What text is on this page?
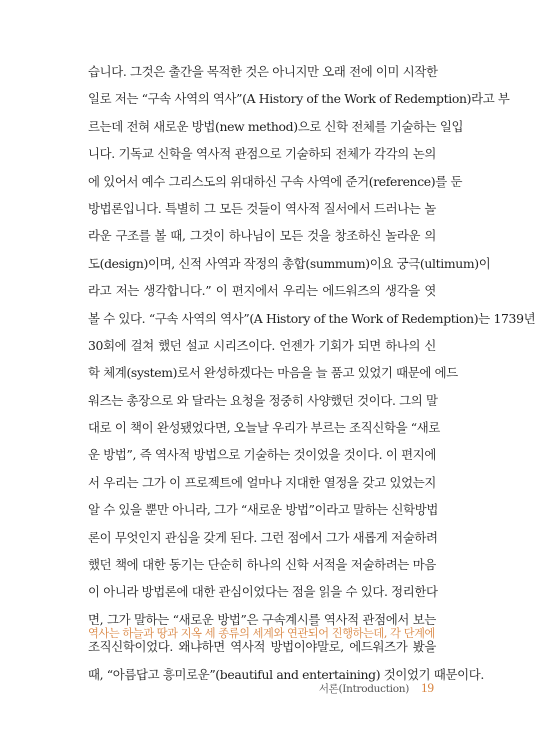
습니다. 그것은 출간을 목적한 것은 아니지만 오래 전에 이미 시작한
일로 저는 “구속 사역의 역사”(A History of the Work of Redemption)라고 부
르는데 전혀 새로운 방법(new method)으로 신학 전체를 기술하는 일입
니다. 기독교 신학을 역사적 관점으로 기술하되 전체가 각각의 논의
에 있어서 예수 그리스도의 위대하신 구속 사역에 준거(reference)를 둔
방법론입니다. 특별히 그 모든 것들이 역사적 질서에서 드러나는 놀
라운 구조를 볼 때, 그것이 하나님이 모든 것을 창조하신 놀라운 의
도(design)이며, 신적 사역과 작정의 총합(summum)이요 궁극(ultimum)이
라고 저는 생각합니다.” 이 편지에서 우리는 에드워즈의 생각을 엿
볼 수 있다. “구속 사역의 역사”(A History of the Work of Redemption)는 1739년
30회에 걸쳐 했던 설교 시리즈이다. 언젠가 기회가 되면 하나의 신
학 체계(system)로서 완성하겠다는 마음을 늘 품고 있었기 때문에 에드
워즈는 총장으로 와 달라는 요청을 정중히 사양했던 것이다. 그의 말
대로 이 책이 완성됐었다면, 오늘날 우리가 부르는 조직신학을 “새로
운 방법”, 즉 역사적 방법으로 기술하는 것이었을 것이다. 이 편지에
서 우리는 그가 이 프로젝트에 얼마나 지대한 열정을 갖고 있었는지
알 수 있을 뿐만 아니라, 그가 “새로운 방법”이라고 말하는 신학방법
론이 무엇인지 관심을 갖게 된다. 그런 점에서 그가 새롭게 저술하려
했던 책에 대한 동기는 단순히 하나의 신학 서적을 저술하려는 마음
이 아니라 방법론에 대한 관심이었다는 점을 읽을 수 있다. 정리한다
면, 그가 말하는 “새로운 방법”은 구속계시를 역사적 관점에서 보는
조직신학이었다. 왜냐하면 역사적 방법이야말로, 에드워즈가 봤을
때, “아름답고 흥미로운”(beautiful and entertaining) 것이었기 때문이다.
역사는 하늘과 땅과 지옥 세 종류의 세계와 연관되어 진행하는데, 각 단계에
서론(Introduction) 19
